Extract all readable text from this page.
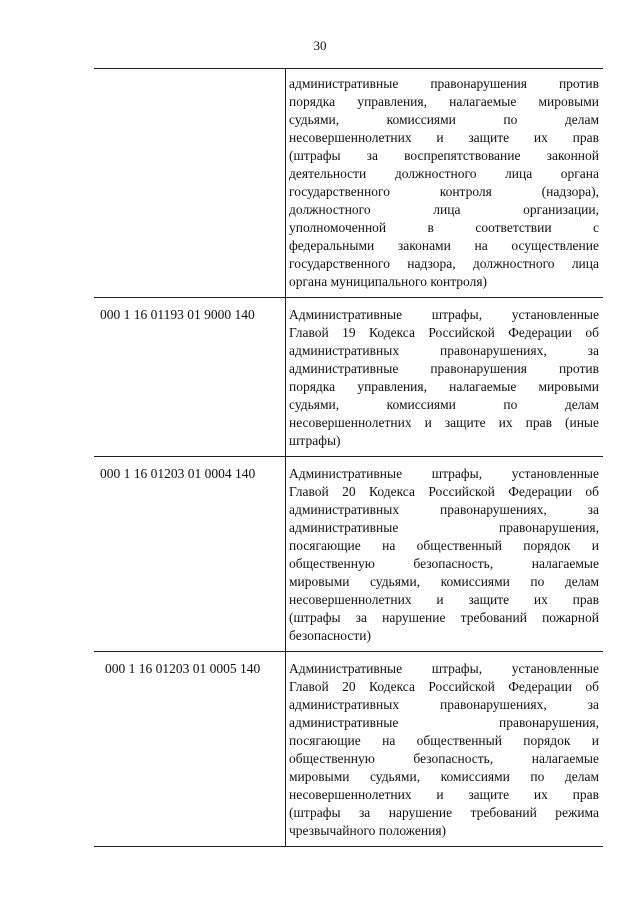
30
административные правонарушения против
порядка управления, налагаемые мировыми
судьями, комиссиями по делам
несовершеннолетних и защите их прав
(штрафы за воспрепятствование законной
деятельности должностного лица органа
государственного контроля (надзора),
должностного лица организации,
уполномоченной в соответствии с
федеральными законами на осуществление
государственного надзора, должностного лица
органа муниципального контроля)
000 1 16 01193 01 9000 140	Административные штрафы, установленные
Главой 19 Кодекса Российской Федерации об
административных правонарушениях, за
административные правонарушения против
порядка управления, налагаемые мировыми
судьями, комиссиями по делам
несовершеннолетних и защите их прав (иные
штрафы)
000 1 16 01203 01 0004 140	Административные штрафы, установленные
Главой 20 Кодекса Российской Федерации об
административных правонарушениях, за
административные правонарушения,
посягающие на общественный порядок и
общественную безопасность, налагаемые
мировыми судьями, комиссиями по делам
несовершеннолетних и защите их прав
(штрафы за нарушение требований пожарной
безопасности)
000 1 16 01203 01 0005 140	Административные штрафы, установленные
Главой 20 Кодекса Российской Федерации об
административных правонарушениях, за
административные правонарушения,
посягающие на общественный порядок и
общественную безопасность, налагаемые
мировыми судьями, комиссиями по делам
несовершеннолетних и защите их прав
(штрафы за нарушение требований режима
чрезвычайного положения)
